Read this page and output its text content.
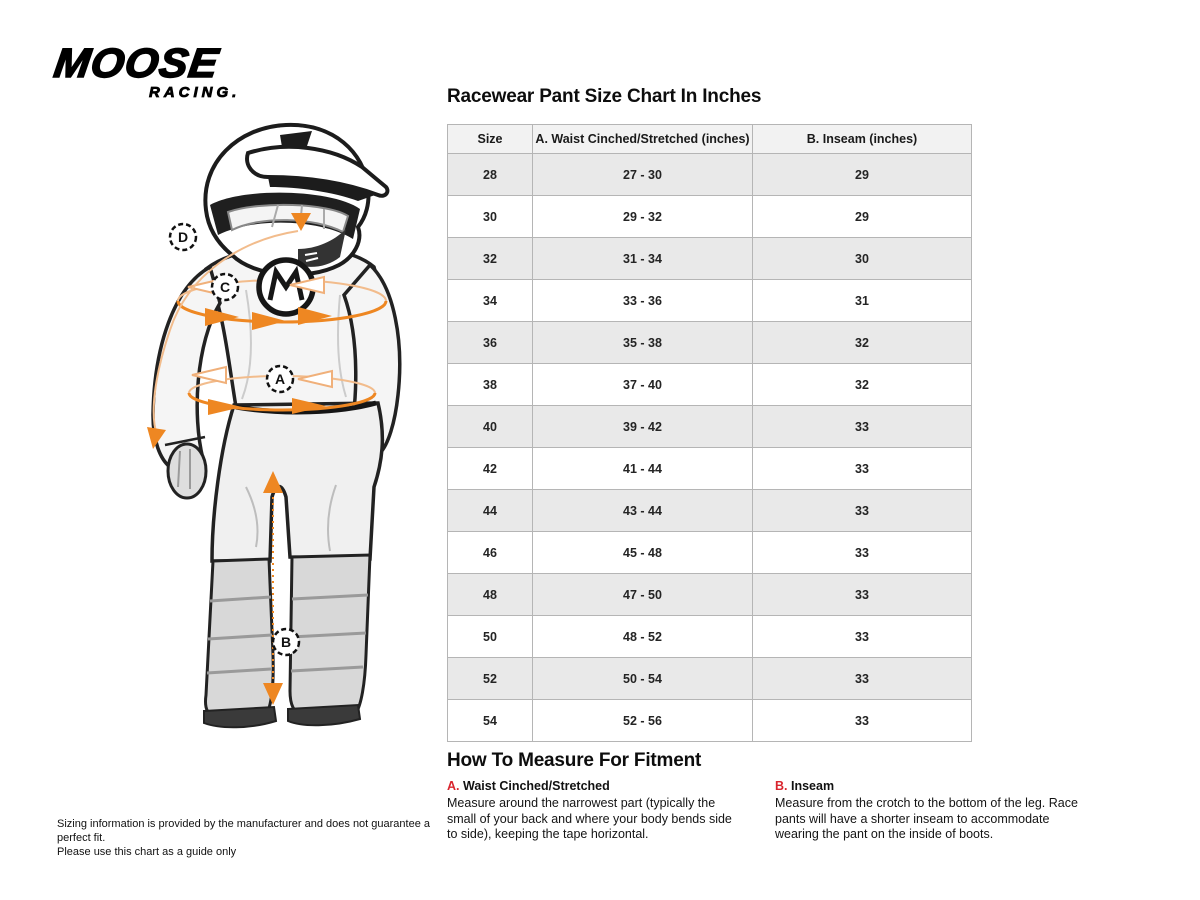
MOOSE
RACING.
C
A
D
B
Racewear Pant Size Chart In Inches
Size	A. Waist Cinched/Stretched (inches)	B. Inseam (inches)
28	27 - 30	29
30	29 - 32	29
32	31 - 34	30
34	33 - 36	31
36	35 - 38	32
38	37 - 40	32
40	39 - 42	33
42	41 - 44	33
44	43 - 44	33
46	45 - 48	33
48	47 - 50	33
50	48 - 52	33
52	50 - 54	33
54	52 - 56	33
How To Measure For Fitment

A. Waist Cinched/Stretched

Measure around the narrowest part (typically the small of your back and where your body bends side to side), keeping the tape horizontal.

B. Inseam

Measure from the crotch to the bottom of the leg. Race pants will have a shorter inseam to accommodate wearing the pant on the inside of boots.

Sizing information is provided by the manufacturer and does not guarantee a perfect fit.
Please use this chart as a guide only
